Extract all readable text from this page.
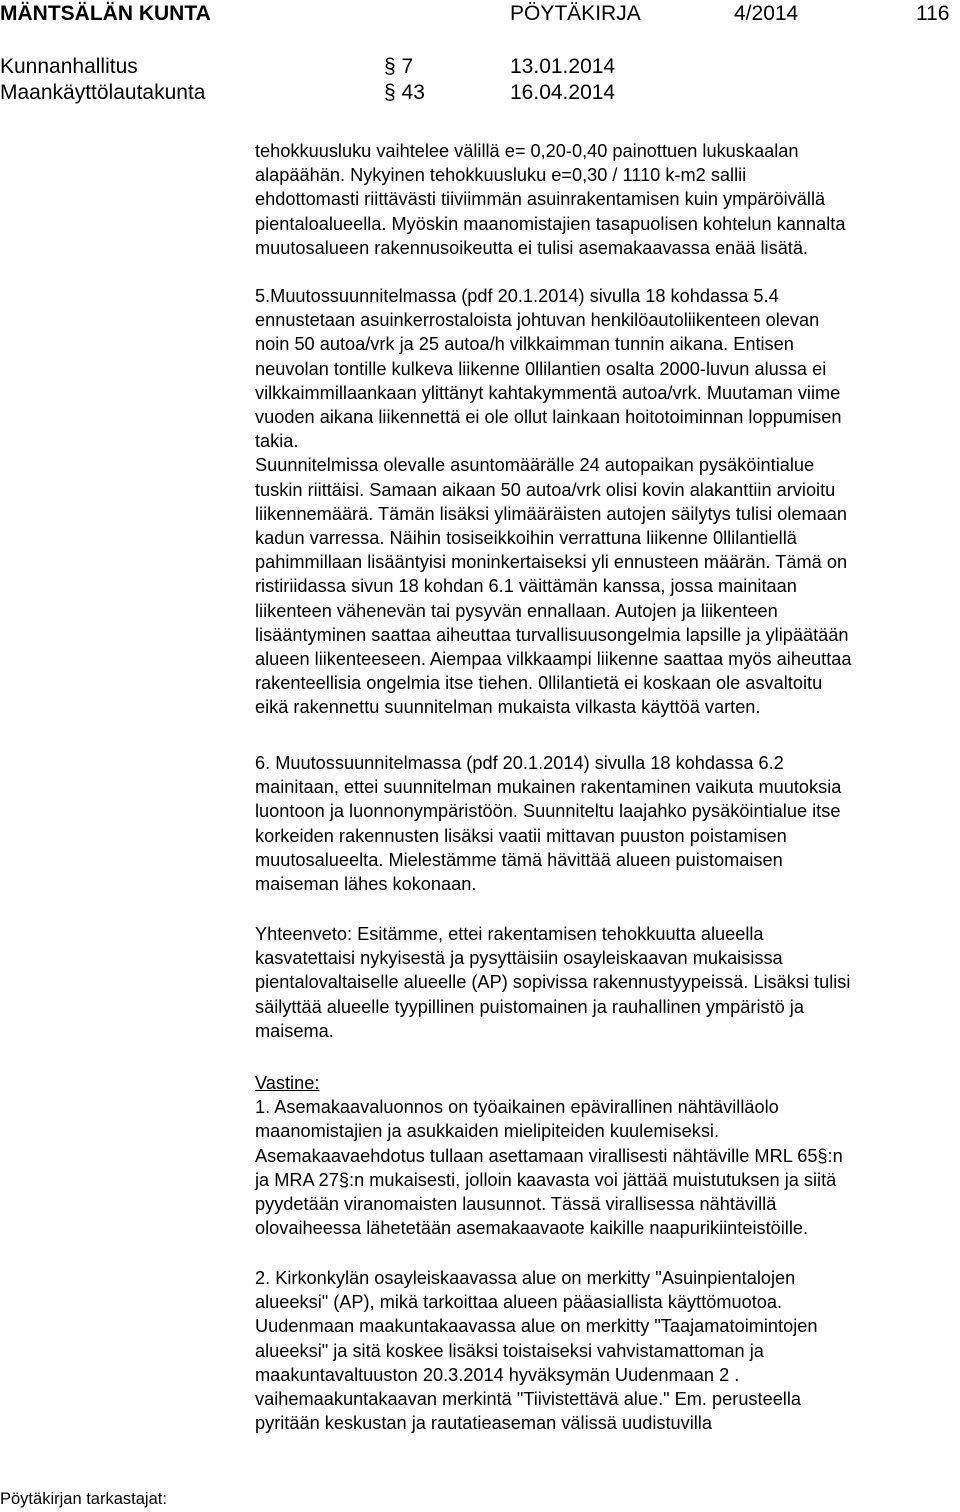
MÄNTSÄLÄN KUNTA	PÖYTÄKIRJA	4/2014	116
Kunnanhallitus	§ 7	13.01.2014
Maankäyttölautakunta	§ 43	16.04.2014
tehokkuusluku vaihtelee välillä e= 0,20-0,40 painottuen lukuskaalan
alapäähän. Nykyinen tehokkuusluku e=0,30 / 1110 k-m2 sallii
ehdottomasti riittävästi tiiviimmän asuinrakentamisen kuin ympäröivällä
pientaloalueella. Myöskin maanomistajien tasapuolisen kohtelun kannalta
muutosalueen rakennusoikeutta ei tulisi asemakaavassa enää lisätä.
5.Muutossuunnitelmassa (pdf 20.1.2014) sivulla 18 kohdassa 5.4
ennustetaan asuinkerrostaloista johtuvan henkilöautoliikenteen olevan
noin 50 autoa/vrk ja 25 autoa/h vilkkaimman tunnin aikana. Entisen
neuvolan tontille kulkeva liikenne 0llilantien osalta 2000-luvun alussa ei
vilkkaimmillaankaan ylittänyt kahtakymmentä autoa/vrk. Muutaman viime
vuoden aikana liikennettä ei ole ollut lainkaan hoitotoiminnan loppumisen
takia.
Suunnitelmissa olevalle asuntomäärälle 24 autopaikan pysäköintialue
tuskin riittäisi. Samaan aikaan 50 autoa/vrk olisi kovin alakanttiin arvioitu
liikennemäärä. Tämän lisäksi ylimääräisten autojen säilytys tulisi olemaan
kadun varressa. Näihin tosiseikkoihin verrattuna liikenne 0llilantiellä
pahimmillaan lisääntyisi moninkertaiseksi yli ennusteen määrän. Tämä on
ristiriidassa sivun 18 kohdan 6.1 väittämän kanssa, jossa mainitaan
liikenteen vähenevän tai pysyvän ennallaan. Autojen ja liikenteen
lisääntyminen saattaa aiheuttaa turvallisuusongelmia lapsille ja ylipäätään
alueen liikenteeseen. Aiempaa vilkkaampi liikenne saattaa myös aiheuttaa
rakenteellisia ongelmia itse tiehen. 0llilantietä ei koskaan ole asvaltoitu
eikä rakennettu suunnitelman mukaista vilkasta käyttöä varten.
6. Muutossuunnitelmassa (pdf 20.1.2014) sivulla 18 kohdassa 6.2
mainitaan, ettei suunnitelman mukainen rakentaminen vaikuta muutoksia
luontoon ja luonnonympäristöön. Suunniteltu laajahko pysäköintialue itse
korkeiden rakennusten lisäksi vaatii mittavan puuston poistamisen
muutosalueelta. Mielestämme tämä hävittää alueen puistomaisen
maiseman lähes kokonaan.
Yhteenveto: Esitämme, ettei rakentamisen tehokkuutta alueella
kasvatettaisi nykyisestä ja pysyttäisiin osayleiskaavan mukaisissa
pientalovaltaiselle alueelle (AP) sopivissa rakennustyypeissä. Lisäksi tulisi
säilyttää alueelle tyypillinen puistomainen ja rauhallinen ympäristö ja
maisema.
Vastine:
1. Asemakaavaluonnos on työaikainen epävirallinen nähtävilläolo
maanomistajien ja asukkaiden mielipiteiden kuulemiseksi.
Asemakaavaehdotus tullaan asettamaan virallisesti nähtäville MRL 65§:n
ja MRA 27§:n mukaisesti, jolloin kaavasta voi jättää muistutuksen ja siitä
pyydetään viranomaisten lausunnot. Tässä virallisessa nähtävillä
olovaiheessa lähetetään asemakaavaote kaikille naapurikiinteistöille.
2. Kirkonkylän osayleiskaavassa alue on merkitty "Asuinpientalojen
alueeksi" (AP), mikä tarkoittaa alueen pääasiallista käyttömuotoa.
Uudenmaan maakuntakaavassa alue on merkitty "Taajamatoimintojen
alueeksi" ja sitä koskee lisäksi toistaiseksi vahvistamattoman ja
maakuntavaltuuston 20.3.2014 hyväksymän Uudenmaan 2 .
vaihemaakuntakaavan merkintä "Tiivistettävä alue." Em. perusteella
pyritään keskustan ja rautatieaseman välissä uudistuvilla
Pöytäkirjan tarkastajat:
